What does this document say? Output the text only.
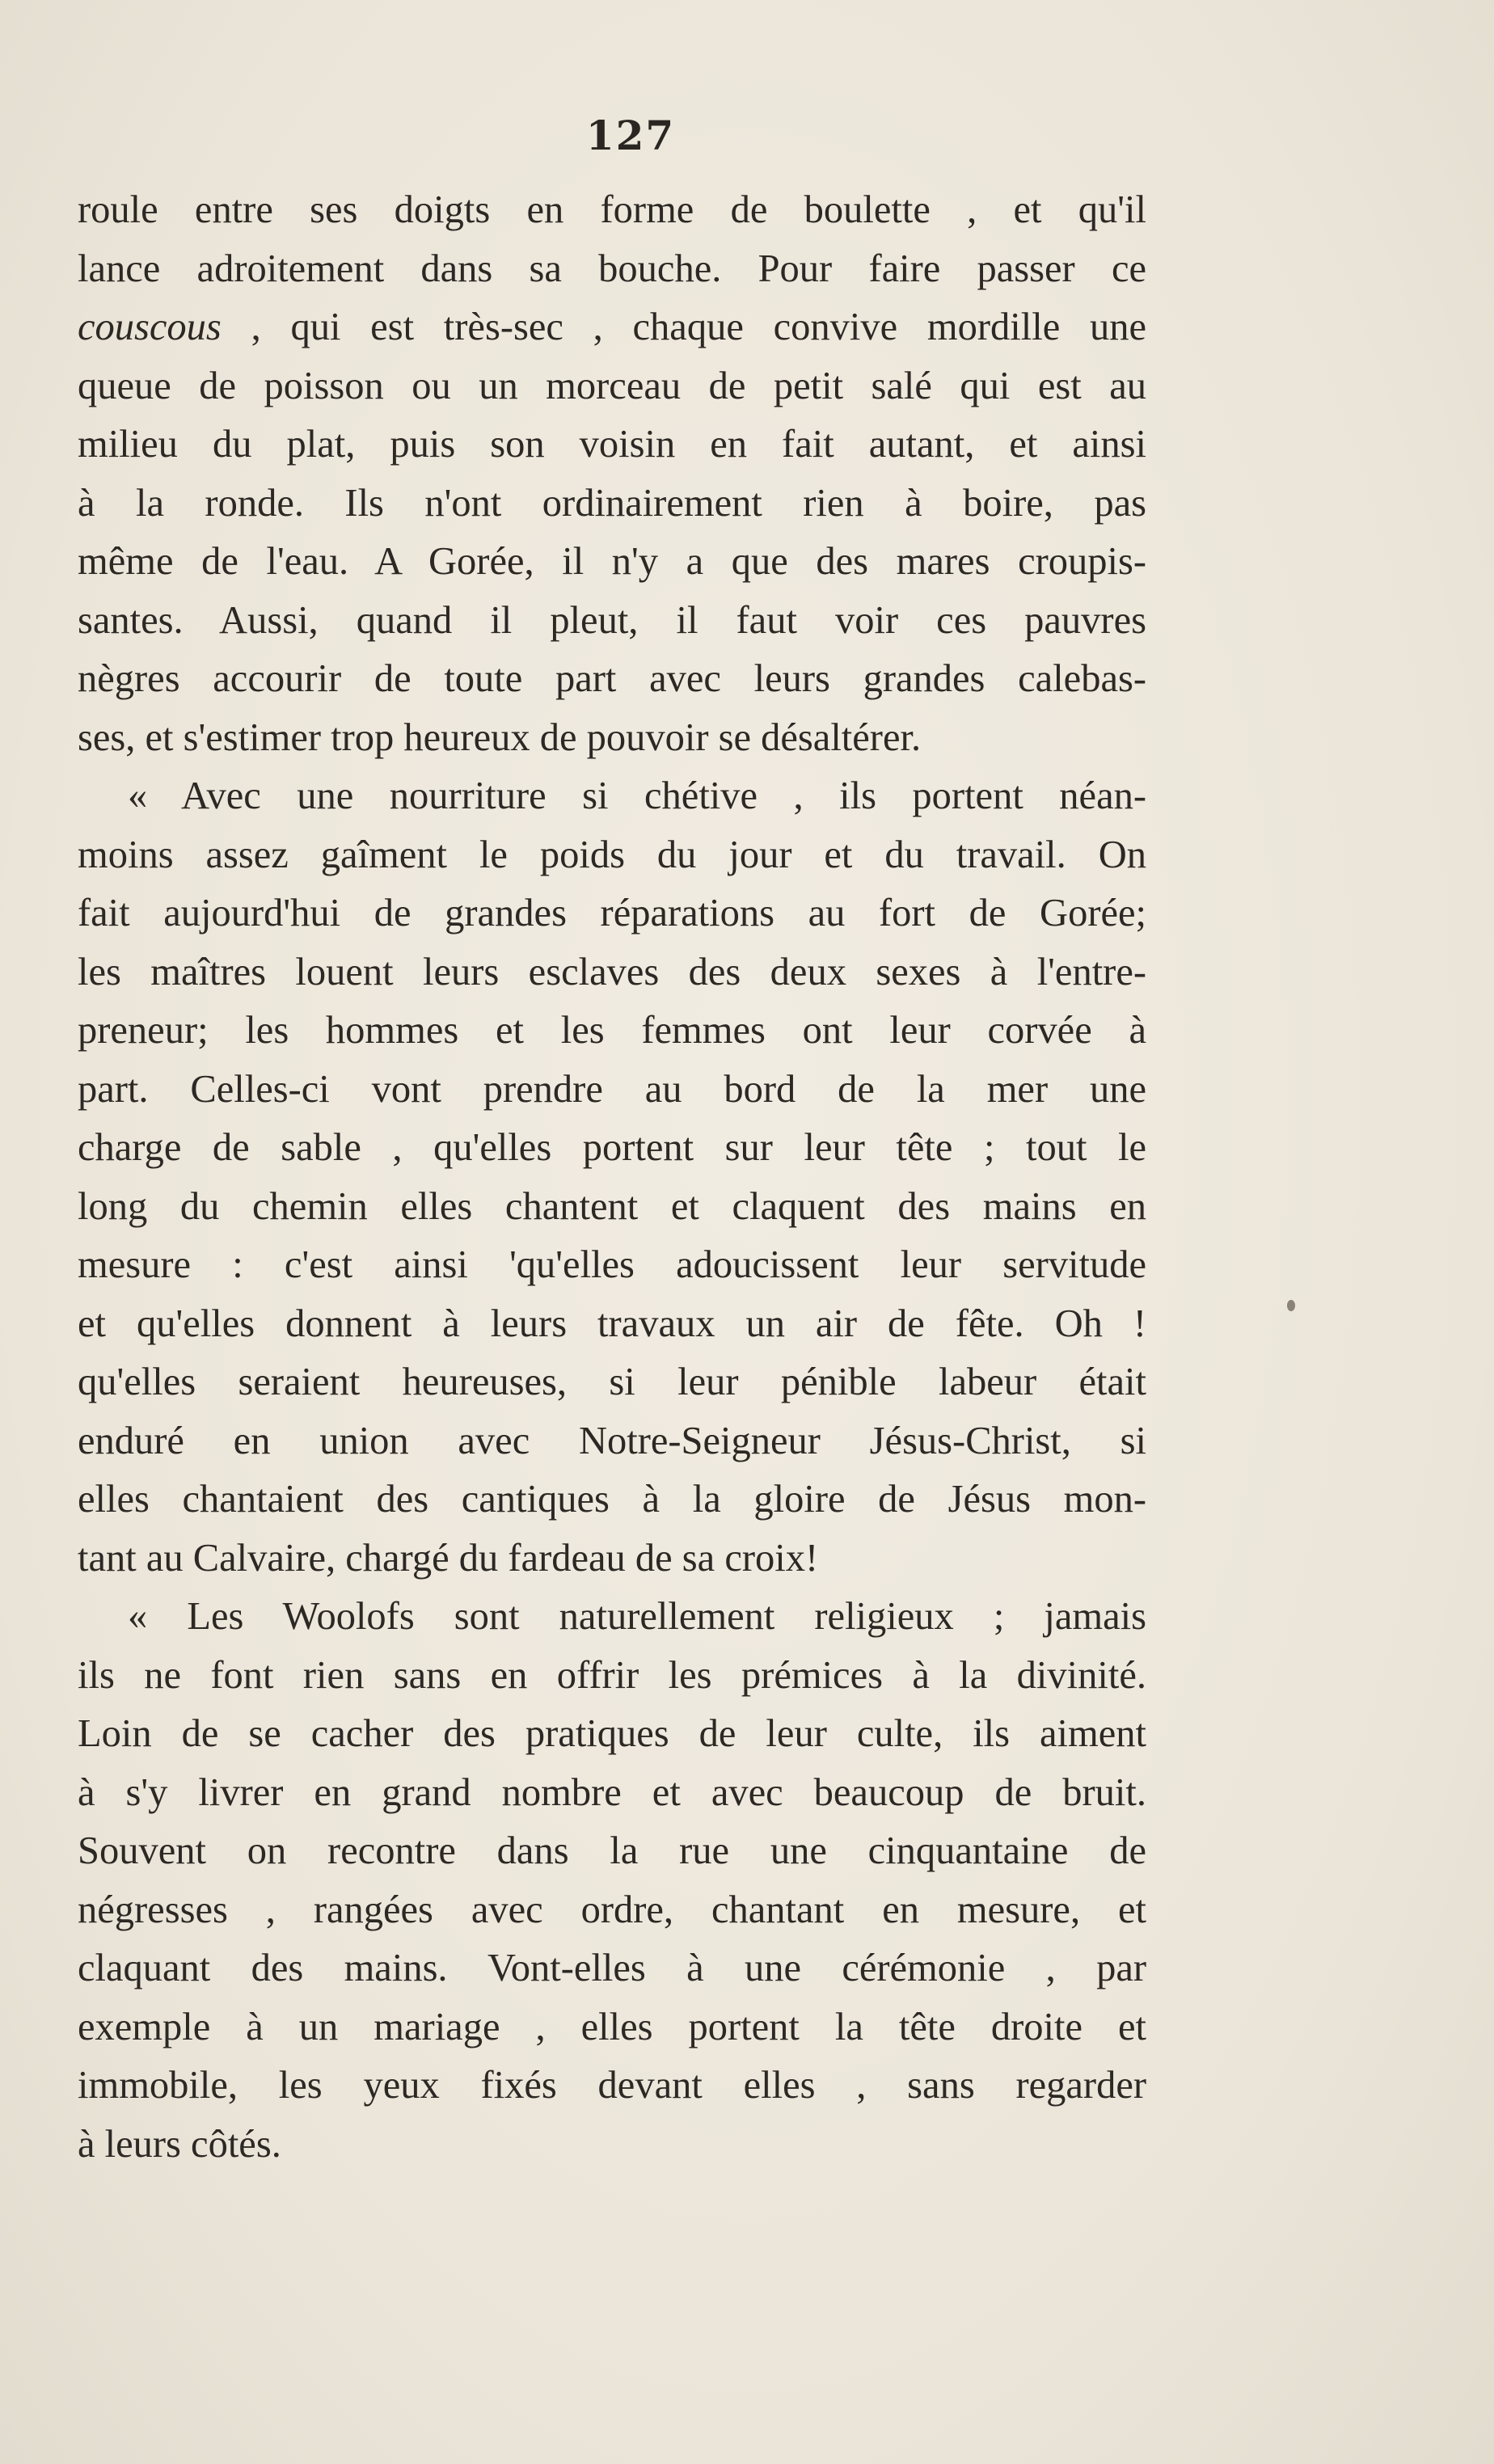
127
roule entre ses doigts en forme de boulette , et qu'il
lance adroitement dans sa bouche. Pour faire passer ce
couscous , qui est très-sec , chaque convive mordille une
queue de poisson ou un morceau de petit salé qui est au
milieu du plat, puis son voisin en fait autant, et ainsi
à la ronde. Ils n'ont ordinairement rien à boire, pas
même de l'eau. A Gorée, il n'y a que des mares croupis-
santes. Aussi, quand il pleut, il faut voir ces pauvres
nègres accourir de toute part avec leurs grandes calebas-
ses, et s'estimer trop heureux de pouvoir se désaltérer.
« Avec une nourriture si chétive , ils portent néan-
moins assez gaîment le poids du jour et du travail. On
fait aujourd'hui de grandes réparations au fort de Gorée;
les maîtres louent leurs esclaves des deux sexes à l'entre-
preneur; les hommes et les femmes ont leur corvée à
part. Celles-ci vont prendre au bord de la mer une
charge de sable , qu'elles portent sur leur tête ; tout le
long du chemin elles chantent et claquent des mains en
mesure : c'est ainsi 'qu'elles adoucissent leur servitude
et qu'elles donnent à leurs travaux un air de fête. Oh !
qu'elles seraient heureuses, si leur pénible labeur était
enduré en union avec Notre-Seigneur Jésus-Christ, si
elles chantaient des cantiques à la gloire de Jésus mon-
tant au Calvaire, chargé du fardeau de sa croix!
« Les Woolofs sont naturellement religieux ; jamais
ils ne font rien sans en offrir les prémices à la divinité.
Loin de se cacher des pratiques de leur culte, ils aiment
à s'y livrer en grand nombre et avec beaucoup de bruit.
Souvent on recontre dans la rue une cinquantaine de
négresses , rangées avec ordre, chantant en mesure, et
claquant des mains. Vont-elles à une cérémonie , par
exemple à un mariage , elles portent la tête droite et
immobile, les yeux fixés devant elles , sans regarder
à leurs côtés.
